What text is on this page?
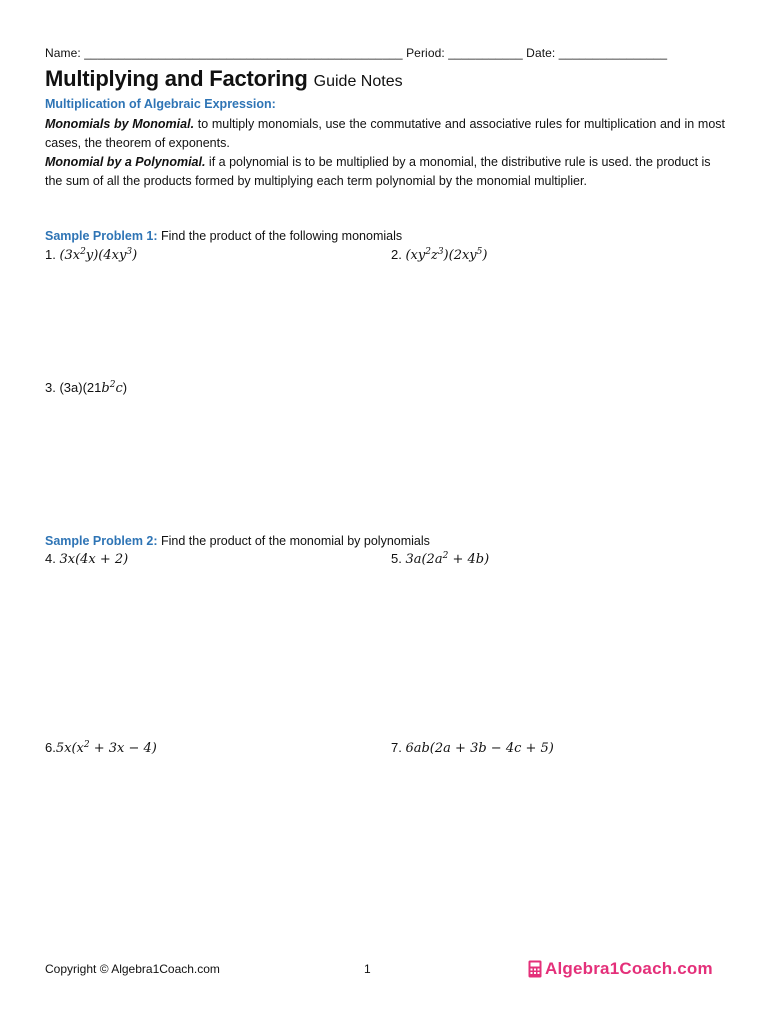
Name: _______________________________________________ Period: ___________ Date: ________________
Multiplying and Factoring Guide Notes
Multiplication of Algebraic Expression:
Monomials by Monomial. to multiply monomials, use the commutative and associative rules for multiplication and in most cases, the theorem of exponents.
Monomial by a Polynomial. if a polynomial is to be multiplied by a monomial, the distributive rule is used. the product is the sum of all the products formed by multiplying each term polynomial by the monomial multiplier.
Sample Problem 1: Find the product of the following monomials
1. $(3x^2y)(4xy^3)$	2. $(xy^2z^3)(2xy^5)$
3. $(3a)(21b^2c)$
Sample Problem 2: Find the product of the monomial by polynomials
4. 3x(4x + 2)	5. $3a(2a^2 + 4b)$
$6.5x(x^2 + 3x - 4)$	7. 6ab(2a + 3b − 4c + 5)
Copyright © Algebra1Coach.com	1	Algebra1Coach.com
